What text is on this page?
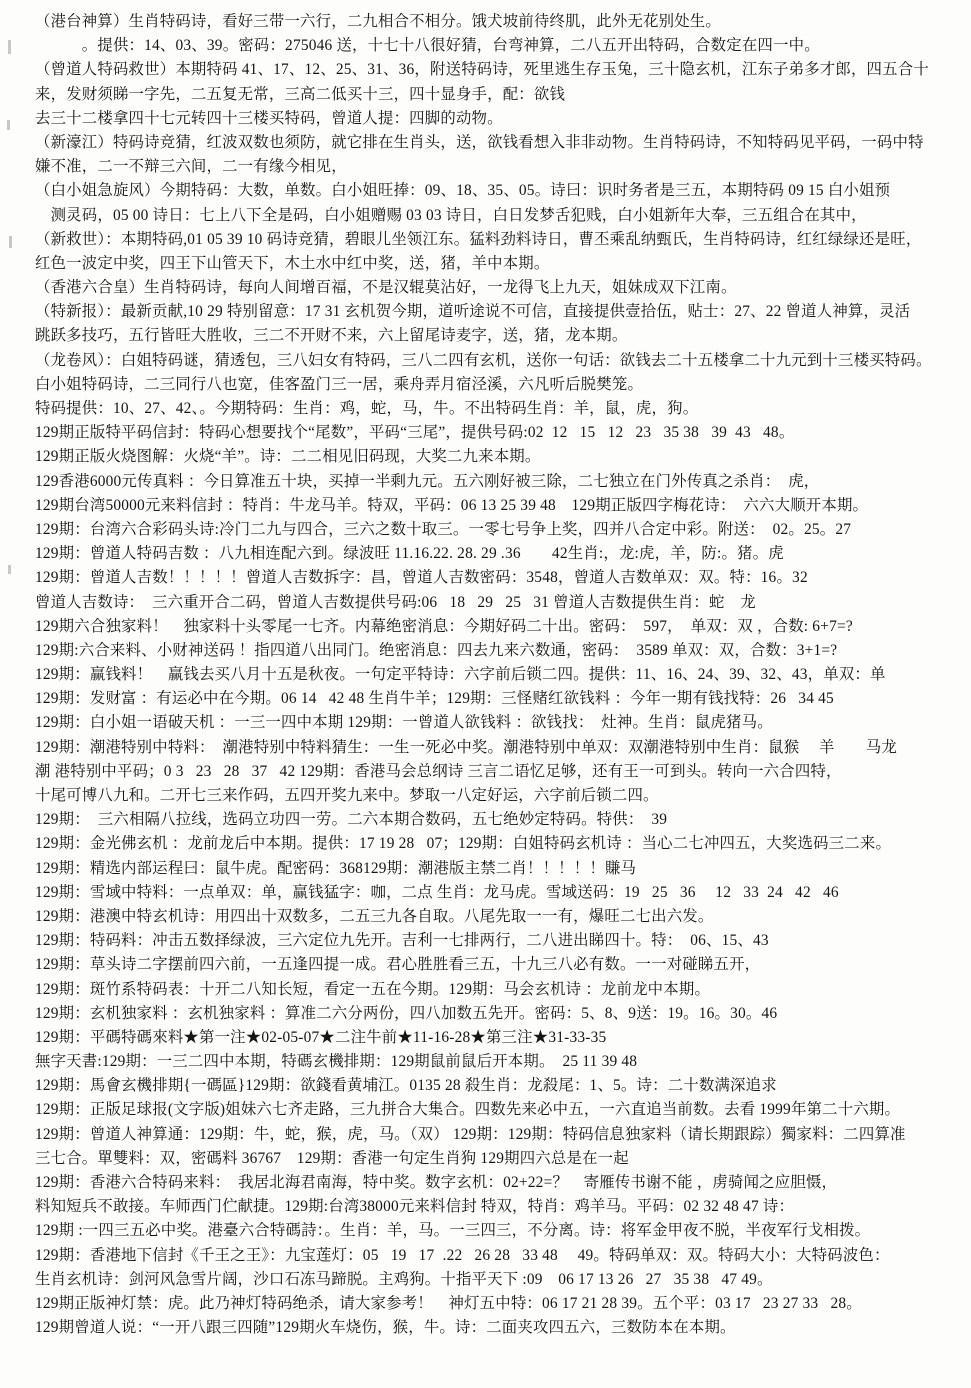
（港台神算）生肖特码诗，看好三带一六行，二九相合不相分。饿犬坡前待终肌，此外无花别处生。
　　　。提供：14、03、39。密码：275046 送，十七十八很好猜，台弯神算，二八五开出特码，合数定在四一中。
（曾道人特码救世）本期特码 41、17、12、25、31、36，附送特码诗，死里逃生存玉兔，三十隐玄机，江东子弟多才郎，四五合十
来，发财须睇一字先，二五复无常，三高二低买十三，四十显身手，配：欲钱
去三十二楼拿四十七元转四十三楼买特码，曾道人提：四脚的动物。
（新濠江）特码诗竞猜，红波双数也须防，就它排在生肖头，送，欲钱看想入非非动物。生肖特码诗，不知特码见平码，一码中特
嫌不准，二一不辩三六间，二一有缘今相见，
（白小姐急旋风）今期特码：大数，单数。白小姐旺捧：09、18、35、05。诗曰：识时务者是三五，本期特码 09 15 白小姐预
　测灵码，05 00 诗日：七上八下全是码，白小姐赠赐 03 03 诗日，白日发梦舌犯贱，白小姐新年大奉，三五组合在其中，
（新救世）：本期特码,01 05 39 10 码诗竞猜，碧眼儿坐领江东。猛料劲料诗日，曹丕乘乱纳甄氏，生肖特码诗，红红绿绿还是旺，
红色一波定中奖，四王下山管天下，木土水中红中奖，送，猪，羊中本期。
（香港六合皇）生肖特码诗，每向人间增百福，不是汉辊莫沾好，一龙得飞上九天，姐妹成双下江南。
（特新报）：最新贡献,10 29 特别留意：17 31 玄机贺今期，道听途说不可信，直接提供壹拾伍，贴士：27、22 曾道人神算，灵活
跳跃多技巧，五行皆旺大胜收，三二不开财不来，六上留尾诗麦字，送，猪，龙本期。
（龙卷风）：白姐特码谜，猜透包，三八妇女有特码，三八二四有玄机，送你一句话：欲钱去二十五楼拿二十九元到十三楼买特码。
白小姐特码诗，二三同行八也宽，佳客盈门三一居，乘舟弄月宿泾溪，六凡听后脱樊笼。
特码提供：10、27、42、。今期特码：生肖：鸡，蛇，马，牛。不出特码生肖：羊，鼠，虎，狗。
129期正版特平码信封：特码心想要找个“尾数”，平码“三尾”，提供号码:02  12   15   12   23   35 38   39  43   48。
129期正版火烧图解：火烧“羊”。诗：二二相见旧码现，大奖二九来本期。
129香港6000元传真料 ：今日算准五十块，买掉一半剩九元。五六刚好被三除，二七独立在门外传真之杀肖：　虎，
129期台湾50000元来料信封 ：特肖：牛龙马羊。特双，平码：06 13 25 39 48　129期正版四字梅花诗：　六六大顺开本期。
129期：台湾六合彩码头诗:冷门二九与四合，三六之数十取三。一零七号争上奖，四并八合定中彩。附送：　02。25。27
129期：曾道人特码吉数 ：八九相连配六到。绿波旺 11.16.22. 28. 29 .36　　42生肖:，龙:虎，羊，防:。猪。虎
129期：曾道人吉数！！！！！曾道人吉数拆字：昌，曾道人吉数密码：3548，曾道人吉数单双：双。特：16。32
曾道人吉数诗：　三六重开合二码，曾道人吉数提供号码:06   18   29   25   31 曾道人吉数提供生肖：蛇　龙
129期六合独家料！　独家料十头零尾一七齐。内幕绝密消息：今期好码二十出。密码：　597，　单双：双 ，合数: 6+7=?
129期:六合来料、小财神送码 ！指四道八出同门。绝密消息：四去九来六数通，密码：　3589 单双：双，合数：3+1=?
129期：赢钱料！　赢钱去买八月十五是秋夜。一句定平特诗：六字前后锁二四。提供：11、16、24、39、32、43，单双：单
129期：发财富 ：有运必中在今期。06 14   42 48 生肖牛羊；129期：三怪赌红欲钱料 ：今年一期有钱找特：26   34 45
129期：白小姐一语破天机 ：一三一四中本期 129期：一曾道人欲钱料 ：欲钱找：　灶神。生肖：鼠虎猪马。
129期：潮港特别中特料：　潮港特别中特料猜生：一生一死必中奖。潮港特别中单双：双潮港特别中生肖：鼠猴　 羊　　马龙
潮 港特别中平码；0 3   23   28   37   42 129期：香港马会总纲诗 三言二语忆足够，还有王一可到头。转向一六合四特，
十尾可博八九和。二开七三来作码，五四开奖九来中。梦取一八定好运，六字前后锁二四。
129期：　三六相隔八拉线，选码立功四一劳。二六本期合数码，五七绝妙定特码。特供：　39
129期：金光佛玄机 ：龙前龙后中本期。提供：17 19 28   07；129期：白姐特码玄机诗 ：当心二七冲四五，大奖选码三二来。
129期：精选内部运程曰：鼠牛虎。配密码：368129期：潮港版主禁二肖！！！！！賺马
129期：雪域中特料：一点单双：单，赢钱猛字：咖，二点 生肖：龙马虎。雪域送码：19   25   36　 12   33  24   42   46
129期：港澳中特玄机诗：用四出十双数多，二五三九各自取。八尾先取一一有，爆旺二七出六发。
129期：特码料：冲击五数择绿波，三六定位九先开。吉利一七排两行，二八进出睇四十。特：　06、15、43
129期：草头诗二字摆前四六前，一五逢四提一成。君心胜胜看三五，十九三八必有数。一一对碰睇五开，
129期：斑竹系特码表：十开二八知长短，看定一五在今期。129期：马会玄机诗 ：龙前龙中本期。
129期：玄机独家料 ：玄机独家料 ：算准二六分两份，四八加数五先开。密码：5、8、9送：19。16。30。46
129期：平碼特碼來料★第一注★02-05-07★二注牛前★11-16-28★第三注★31-33-35
無字天書:129期：一三二四中本期，特碼玄機排期：129期鼠前鼠后开本期。　25 11 39 48
129期：馬會玄機排期{一碼區}129期：欲錢看黄埔江。0135 28 殺生肖：龙殺尾：1、5。诗：二十数满深追求
129期：正版足球报(文字版)姐妹六七齐走路，三九拼合大集合。四数先来必中五，一六直追当前数。去看 1999年第二十六期。
129期：曾道人神算通：129期：牛，蛇，猴，虎，马。（双） 129期：129期：特码信息独家料（请长期跟踪）獨家料：二四算准
三七合。單雙料：双，密碼料 36767　129期：香港一句定生肖狗 129期四六总是在一起
129期：香港六合特码来料：　我居北海君南海，特中奖。数字玄机：02+22=？　寄雁传书谢不能 ，虏骑闻之应胆慑，
料知短兵不敢接。车师西门伫献捷。129期:台湾38000元来料信封 特双，特肖：鸡羊马。平码：02 32 48 47 诗：
129期 :一四三五必中奖。港臺六合特碼詩：。生肖：羊，马。一三四三，不分离。诗：将军金甲夜不脱，半夜军行戈相拨。
129期：香港地下信封《千王之王》：九宝莲灯：05   19   17  .22   26 28   33 48　 49。特码单双：双。特码大小：大特码波色：
生肖玄机诗：剑河风急雪片阔，沙口石冻马蹄脱。主鸡狗。十指平天下 :09　06 17 13 26   27   35 38   47 49。
129期正版神灯禁：虎。此乃神灯特码绝杀，请大家参考！　神灯五中特：06 17 21 28 39。五个平：03 17   23 27 33   28。
129期曾道人说：“一开八跟三四随”129期火车烧伤，猴，牛。诗：二面夹攻四五六，三数防本在本期。
